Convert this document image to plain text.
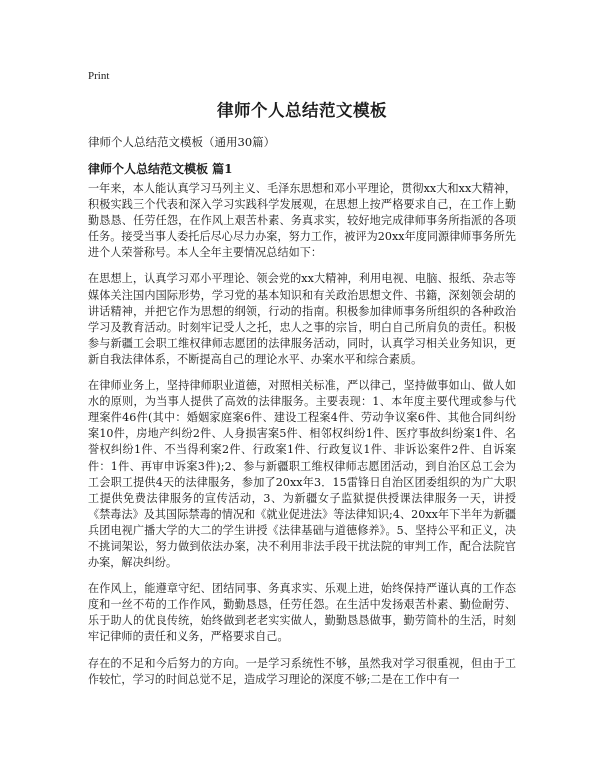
Print
律师个人总结范文模板

律师个人总结范文模板（通用30篇）

律师个人总结范文模板 篇1

一年来，本人能认真学习马列主义、毛泽东思想和邓小平理论，贯彻xx大和xx大精神，积极实践三个代表和深入学习实践科学发展观，在思想上按严格要求自己，在工作上勤勤恳恳、任劳任怨，在作风上艰苦朴素、务真求实，较好地完成律师事务所指派的各项任务。接受当事人委托后尽心尽力办案，努力工作，被评为20xx年度同源律师事务所先进个人荣誉称号。本人全年主要情况总结如下：

在思想上，认真学习邓小平理论、领会党的xx大精神，利用电视、电脑、报纸、杂志等媒体关注国内国际形势，学习党的基本知识和有关政治思想文件、书籍，深刻领会胡的讲话精神，并把它作为思想的纲领，行动的指南。积极参加律师事务所组织的各种政治学习及教育活动。时刻牢记受人之托，忠人之事的宗旨，明白自己所肩负的责任。积极参与新疆工会职工维权律师志愿团的法律服务活动，同时，认真学习相关业务知识，更新自我法律体系，不断提高自己的理论水平、办案水平和综合素质。

在律师业务上，坚持律师职业道德，对照相关标准，严以律己，坚持做事如山、做人如水的原则，为当事人提供了高效的法律服务。主要表现：1、本年度主要代理或参与代理案件46件(其中：婚姻家庭案6件、建设工程案4件、劳动争议案6件、其他合同纠纷案10件，房地产纠纷2件、人身损害案5件、相邻权纠纷1件、医疗事故纠纷案1件、名誉权纠纷1件、不当得利案2件、行政案1件、行政复议1件、非诉讼案件2件、自诉案件：1件、再审申诉案3件);2、参与新疆职工维权律师志愿团活动，到自治区总工会为工会职工提供4天的法律服务，参加了20xx年3．15雷锋日自治区团委组织的为广大职工提供免费法律服务的宣传活动，3、为新疆女子监狱提供授课法律服务一天，讲授《禁毒法》及其国际禁毒的情况和《就业促进法》等法律知识;4、20xx年下半年为新疆兵团电视广播大学的大二的学生讲授《法律基础与道德修养》。5、坚持公平和正义，决不挑词架讼，努力做到依法办案，决不利用非法手段干扰法院的审判工作，配合法院官办案，解决纠纷。

在作风上，能遵章守纪、团结同事、务真求实、乐观上进，始终保持严谨认真的工作态度和一丝不苟的工作作风，勤勤恳恳，任劳任怨。在生活中发扬艰苦朴素、勤俭耐劳、乐于助人的优良传统，始终做到老老实实做人，勤勤恳恳做事，勤劳简朴的生活，时刻牢记律师的责任和义务，严格要求自己。

存在的不足和今后努力的方向。一是学习系统性不够，虽然我对学习很重视，但由于工作较忙，学习的时间总觉不足，造成学习理论的深度不够;二是在工作中有一
